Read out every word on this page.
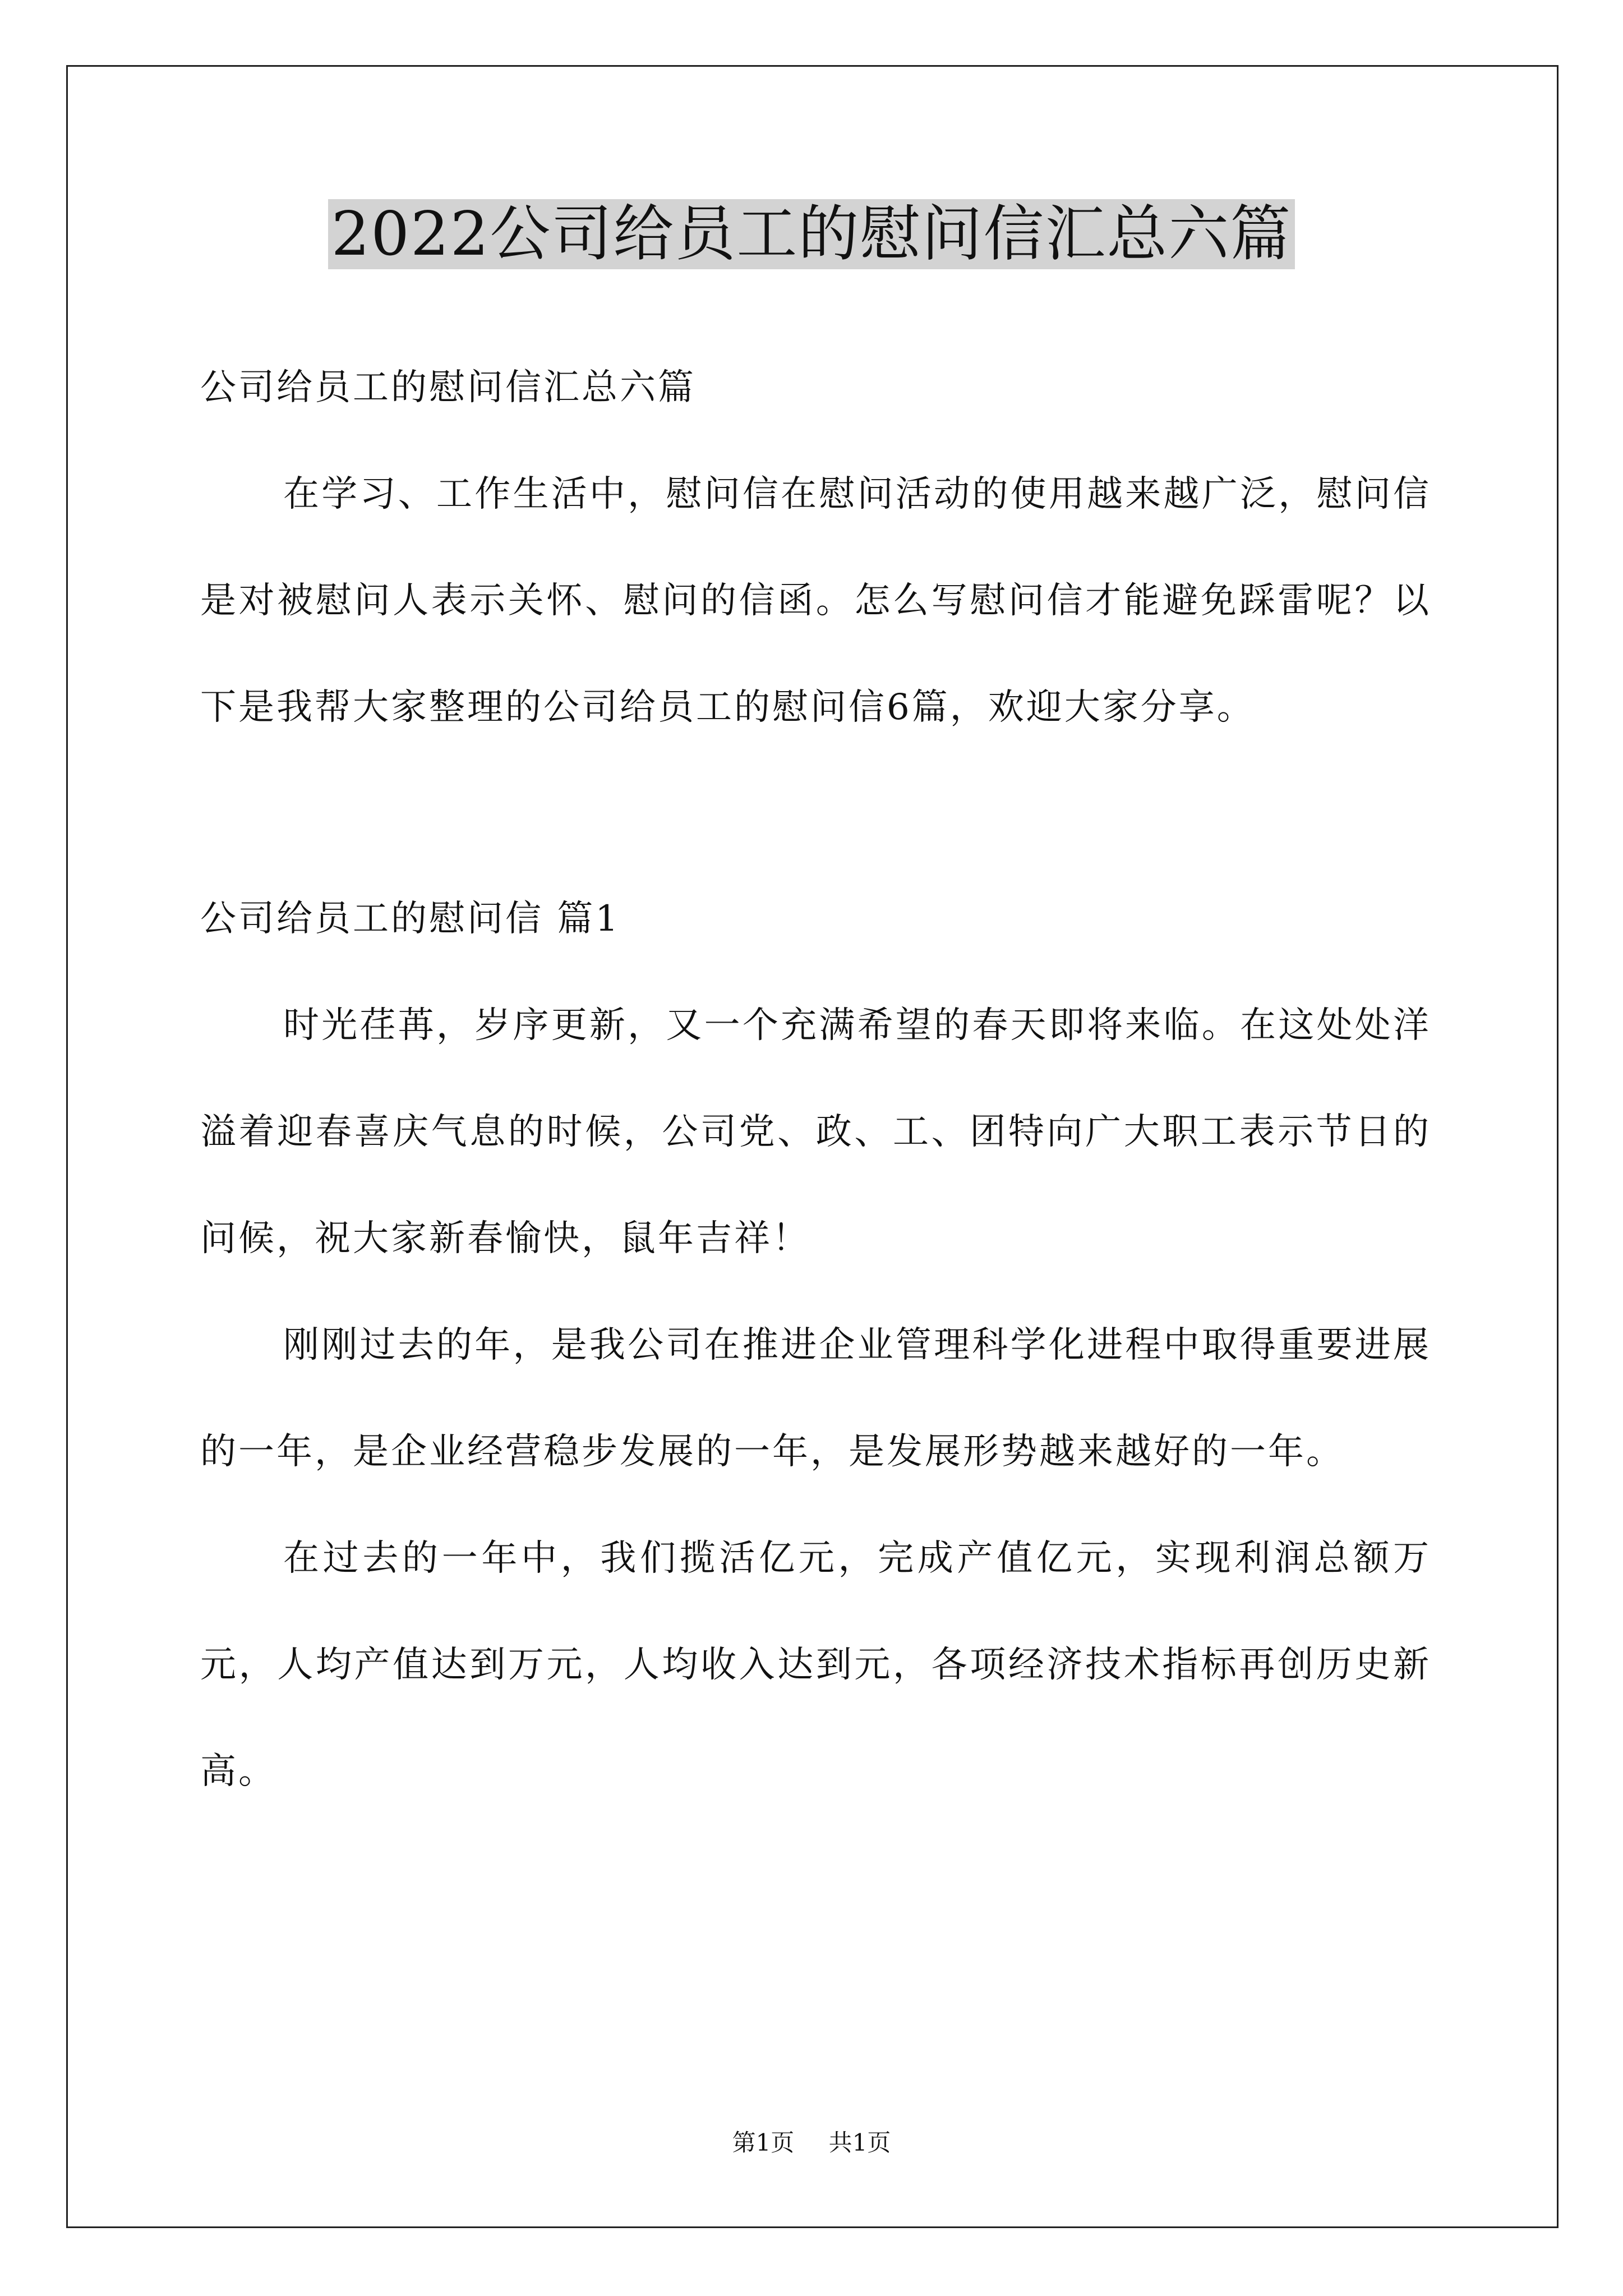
2022公司给员工的慰问信汇总六篇

公司给员工的慰问信汇总六篇

在学习、工作生活中，慰问信在慰问活动的使用越来越广泛，慰问信是对被慰问人表示关怀、慰问的信函。怎么写慰问信才能避免踩雷呢？以下是我帮大家整理的公司给员工的慰问信6篇，欢迎大家分享。

公司给员工的慰问信 篇1

时光荏苒，岁序更新，又一个充满希望的春天即将来临。在这处处洋溢着迎春喜庆气息的时候，公司党、政、工、团特向广大职工表示节日的问候，祝大家新春愉快，鼠年吉祥！

刚刚过去的年，是我公司在推进企业管理科学化进程中取得重要进展的一年，是企业经营稳步发展的一年，是发展形势越来越好的一年。

在过去的一年中，我们揽活亿元，完成产值亿元，实现利润总额万元，人均产值达到万元，人均收入达到元，各项经济技术指标再创历史新高。

第1页 共1页
